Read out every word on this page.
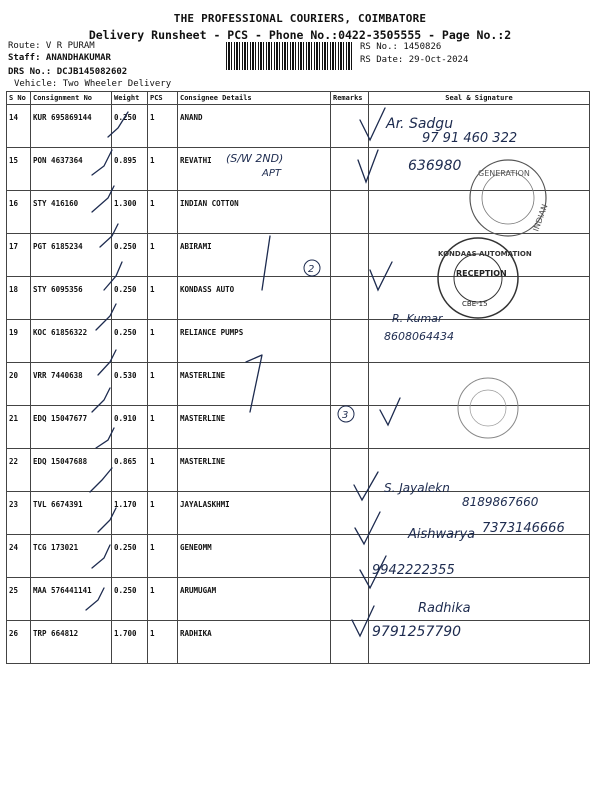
THE PROFESSIONAL COURIERS, COIMBATORE
Delivery Runsheet - PCS - Phone No.:0422-3505555 - Page No.:2
Route: V R PURAM
Staff: ANANDHAKUMAR
DRS No.: DCJB145082602
Vehicle: Two Wheeler Delivery
RS No.: 1450826
RS Date: 29-Oct-2024
S No	Consignment No	Weight	PCS	Consignee Details	Remarks	Seal & Signature
14	KUR 695869144	0.250	1	ANAND		
15	PON 4637364	0.895	1	REVATHI		
16	STY 416160	1.300	1	INDIAN COTTON		
17	PGT 6185234	0.250	1	ABIRAMI		
18	STY 6095356	0.250	1	KONDASS AUTO		
19	KOC 61856322	0.250	1	RELIANCE PUMPS		
20	VRR 7440638	0.530	1	MASTERLINE		
21	EDQ 15047677	0.910	1	MASTERLINE		
22	EDQ 15047688	0.865	1	MASTERLINE		
23	TVL 6674391	1.170	1	JAYALASKHMI		
24	TCG 173021	0.250	1	GENEOMM		
25	MAA 576441141	0.250	1	ARUMUGAM		
26	TRP 664812	1.700	1	RADHIKA		
Ar. Sadgu
97 91 460 322
(S/W 2ND)
APT	636980
2
R. Kumar
8608064434
3
S. Jayalekn
8189867660
Aishwarya 7373146666
9942222355
Radhika
9791257790
GENERATION
INDIAN
KONDAAS AUTOMATION
RECEPTION
CBE-15
